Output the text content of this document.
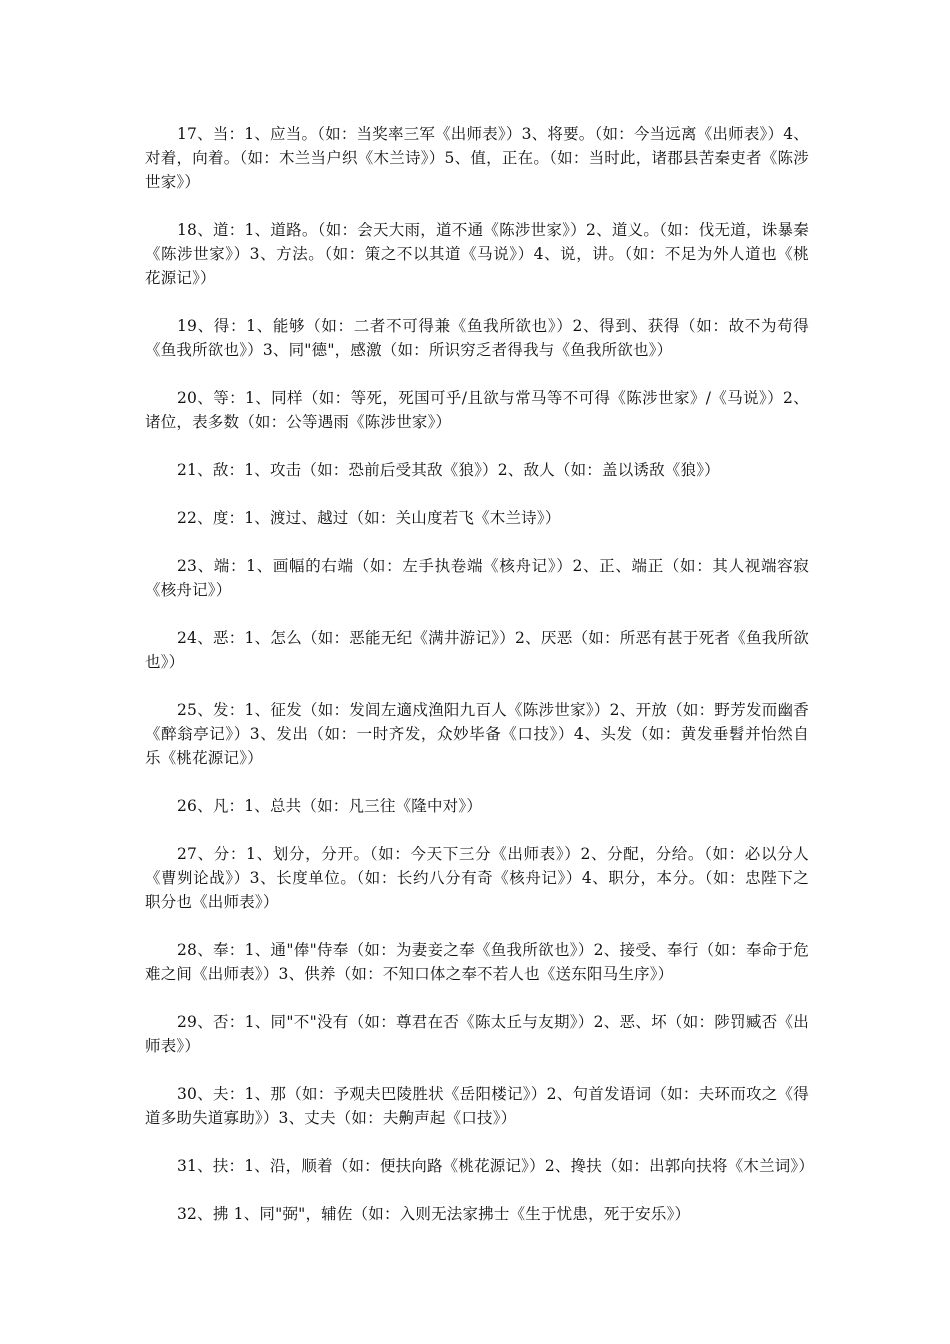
17、当：1、应当。（如：当奖率三军《出师表》）3、将要。（如：今当远离《出师表》）4、对着，向着。（如：木兰当户织《木兰诗》）5、值，正在。（如：当时此，诸郡县苦秦吏者《陈涉世家》）

18、道：1、道路。（如：会天大雨，道不通《陈涉世家》）2、道义。（如：伐无道，诛暴秦《陈涉世家》）3、方法。（如：策之不以其道《马说》）4、说，讲。（如：不足为外人道也《桃花源记》）

19、得：1、能够（如：二者不可得兼《鱼我所欲也》）2、得到、获得（如：故不为苟得《鱼我所欲也》）3、同"德"，感激（如：所识穷乏者得我与《鱼我所欲也》）

20、等：1、同样（如：等死，死国可乎/且欲与常马等不可得《陈涉世家》/《马说》）2、诸位，表多数（如：公等遇雨《陈涉世家》）

21、敌：1、攻击（如：恐前后受其敌《狼》）2、敌人（如：盖以诱敌《狼》）

22、度：1、渡过、越过（如：关山度若飞《木兰诗》）

23、端：1、画幅的右端（如：左手执卷端《核舟记》）2、正、端正（如：其人视端容寂《核舟记》）

24、恶：1、怎么（如：恶能无纪《满井游记》）2、厌恶（如：所恶有甚于死者《鱼我所欲也》）

25、发：1、征发（如：发闾左適戍渔阳九百人《陈涉世家》）2、开放（如：野芳发而幽香《醉翁亭记》）3、发出（如：一时齐发，众妙毕备《口技》）4、头发（如：黄发垂髫并怡然自乐《桃花源记》）

26、凡：1、总共（如：凡三往《隆中对》）

27、分：1、划分，分开。（如：今天下三分《出师表》）2、分配，分给。（如：必以分人《曹刿论战》）3、长度单位。（如：长约八分有奇《核舟记》）4、职分，本分。（如：忠陛下之职分也《出师表》）

28、奉：1、通"俸"侍奉（如：为妻妾之奉《鱼我所欲也》）2、接受、奉行（如：奉命于危难之间《出师表》）3、供养（如：不知口体之奉不若人也《送东阳马生序》）

29、否：1、同"不"没有（如：尊君在否《陈太丘与友期》）2、恶、坏（如：陟罚臧否《出师表》）

30、夫：1、那（如：予观夫巴陵胜状《岳阳楼记》）2、句首发语词（如：夫环而攻之《得道多助失道寡助》）3、丈夫（如：夫齁声起《口技》）

31、扶：1、沿，顺着（如：便扶向路《桃花源记》）2、搀扶（如：出郭向扶将《木兰词》）

32、拂 1、同"弼"，辅佐（如：入则无法家拂士《生于忧患，死于安乐》）
